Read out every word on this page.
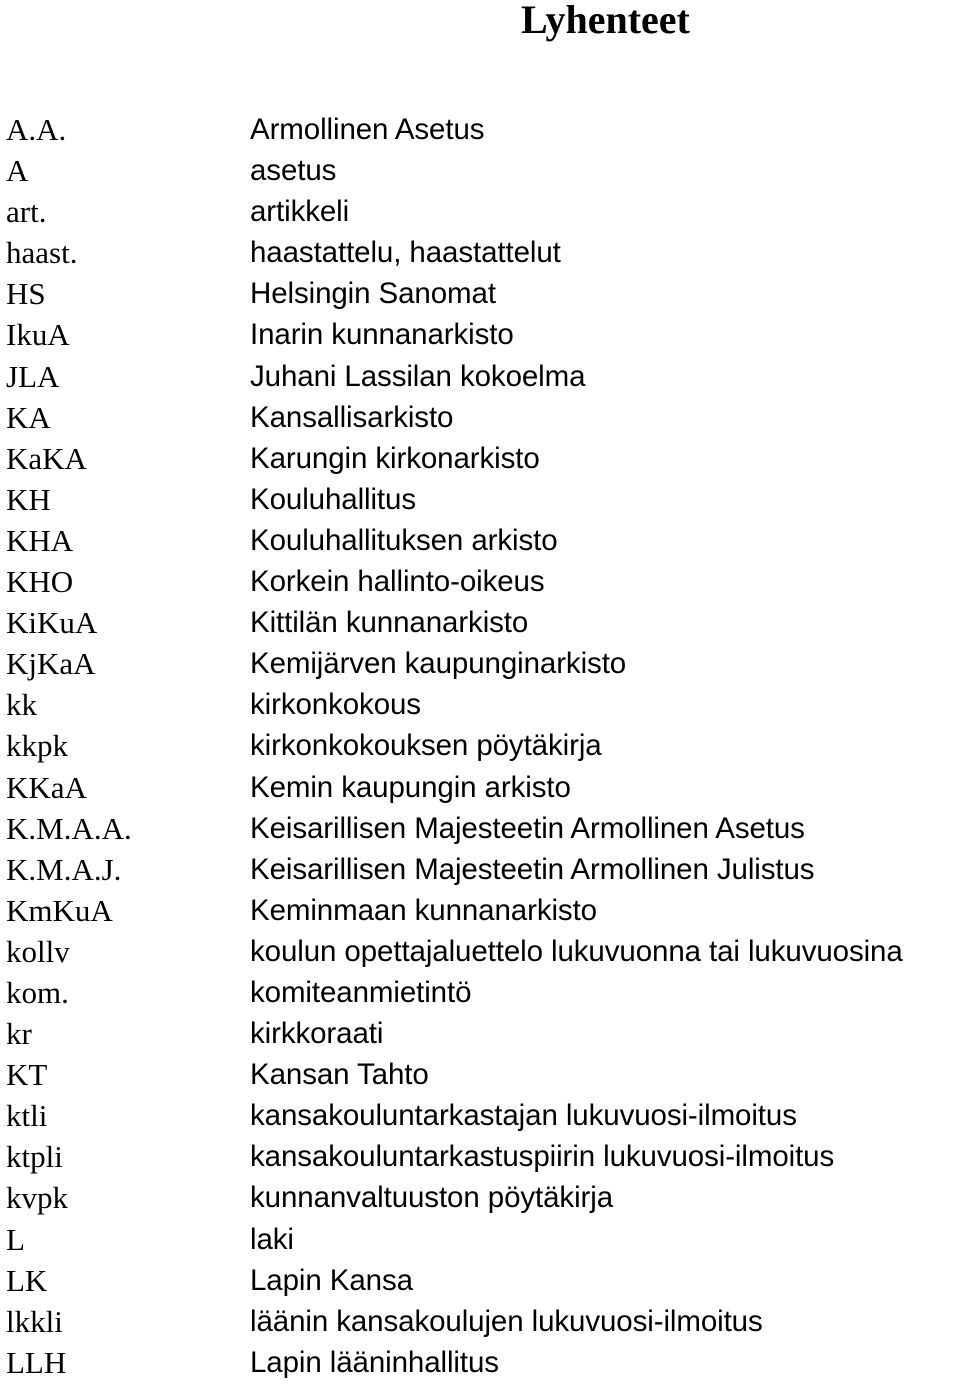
Lyhenteet
A.A.	Armollinen Asetus
A	asetus
art.	artikkeli
haast.	haastattelu, haastattelut
HS	Helsingin Sanomat
IkuA	Inarin kunnanarkisto
JLA	Juhani Lassilan kokoelma
KA	Kansallisarkisto
KaKA	Karungin kirkonarkisto
KH	Kouluhallitus
KHA	Kouluhallituksen arkisto
KHO	Korkein hallinto-oikeus
KiKuA	Kittilän kunnanarkisto
KjKaA	Kemijärven kaupunginarkisto
kk	kirkonkokous
kkpk	kirkonkokouksen pöytäkirja
KKaA	Kemin kaupungin arkisto
K.M.A.A.	Keisarillisen Majesteetin Armollinen Asetus
K.M.A.J.	Keisarillisen Majesteetin Armollinen Julistus
KmKuA	Keminmaan kunnanarkisto
kollv	koulun opettajaluettelo lukuvuonna tai lukuvuosina
kom.	komiteanmietintö
kr	kirkkoraati
KT	Kansan Tahto
ktli	kansakouluntarkastajan lukuvuosi-ilmoitus
ktpli	kansakouluntarkastuspiirin lukuvuosi-ilmoitus
kvpk	kunnanvaltuuston pöytäkirja
L	laki
LK	Lapin Kansa
lkkli	läänin kansakoulujen lukuvuosi-ilmoitus
LLH	Lapin lääninhallitus
